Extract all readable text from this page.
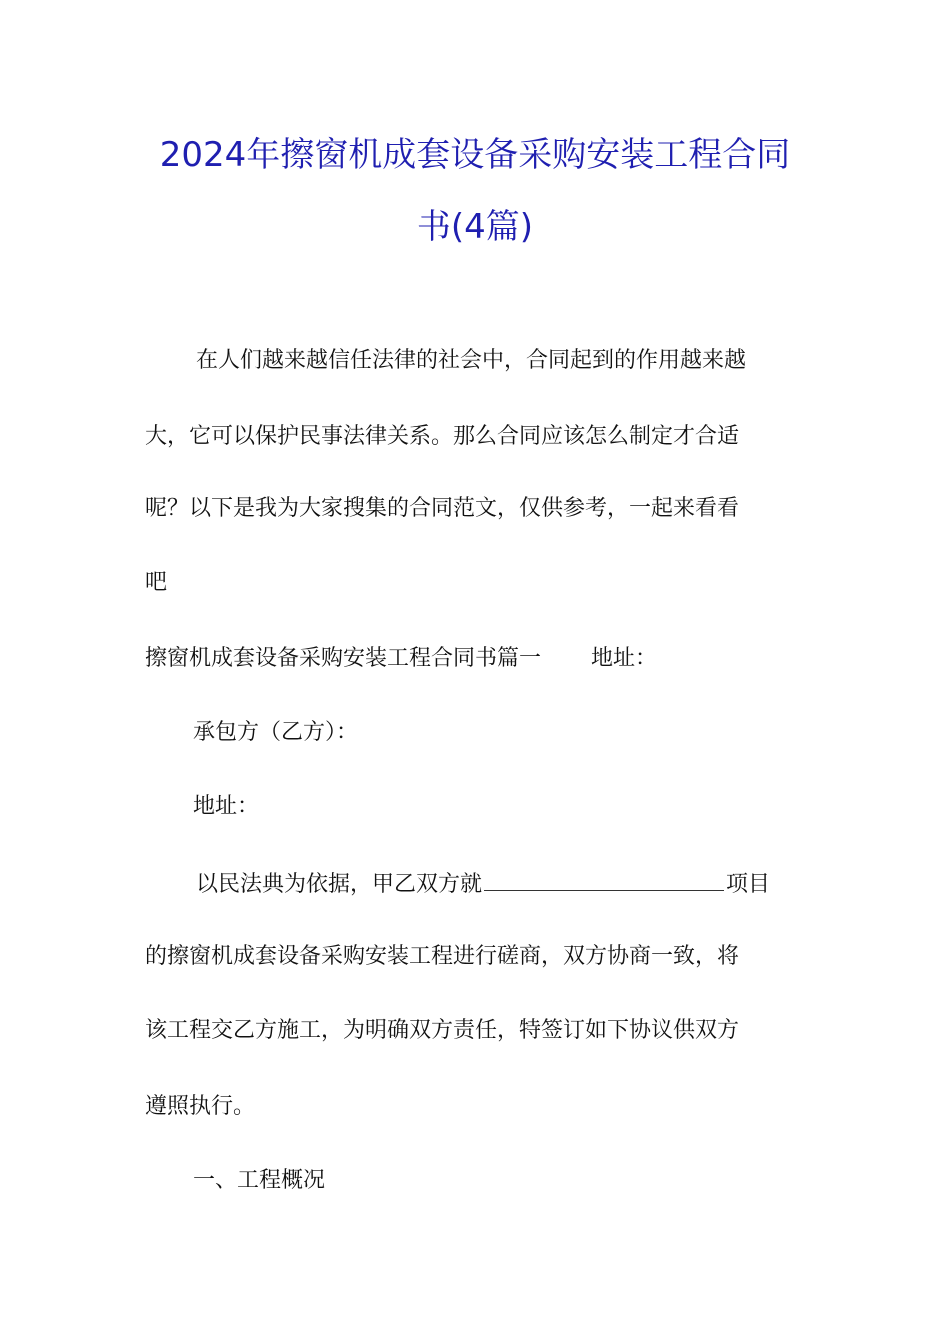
2024年擦窗机成套设备采购安装工程合同
书(4篇)
在人们越来越信任法律的社会中，合同起到的作用越来越
大，它可以保护民事法律关系。那么合同应该怎么制定才合适
呢？以下是我为大家搜集的合同范文，仅供参考，一起来看看
吧
擦窗机成套设备采购安装工程合同书篇一 地址：
承包方（乙方）：
地址：
以民法典为依据，甲乙双方就	项目
的擦窗机成套设备采购安装工程进行磋商，双方协商一致，将
该工程交乙方施工，为明确双方责任，特签订如下协议供双方
遵照执行。
一、工程概况
